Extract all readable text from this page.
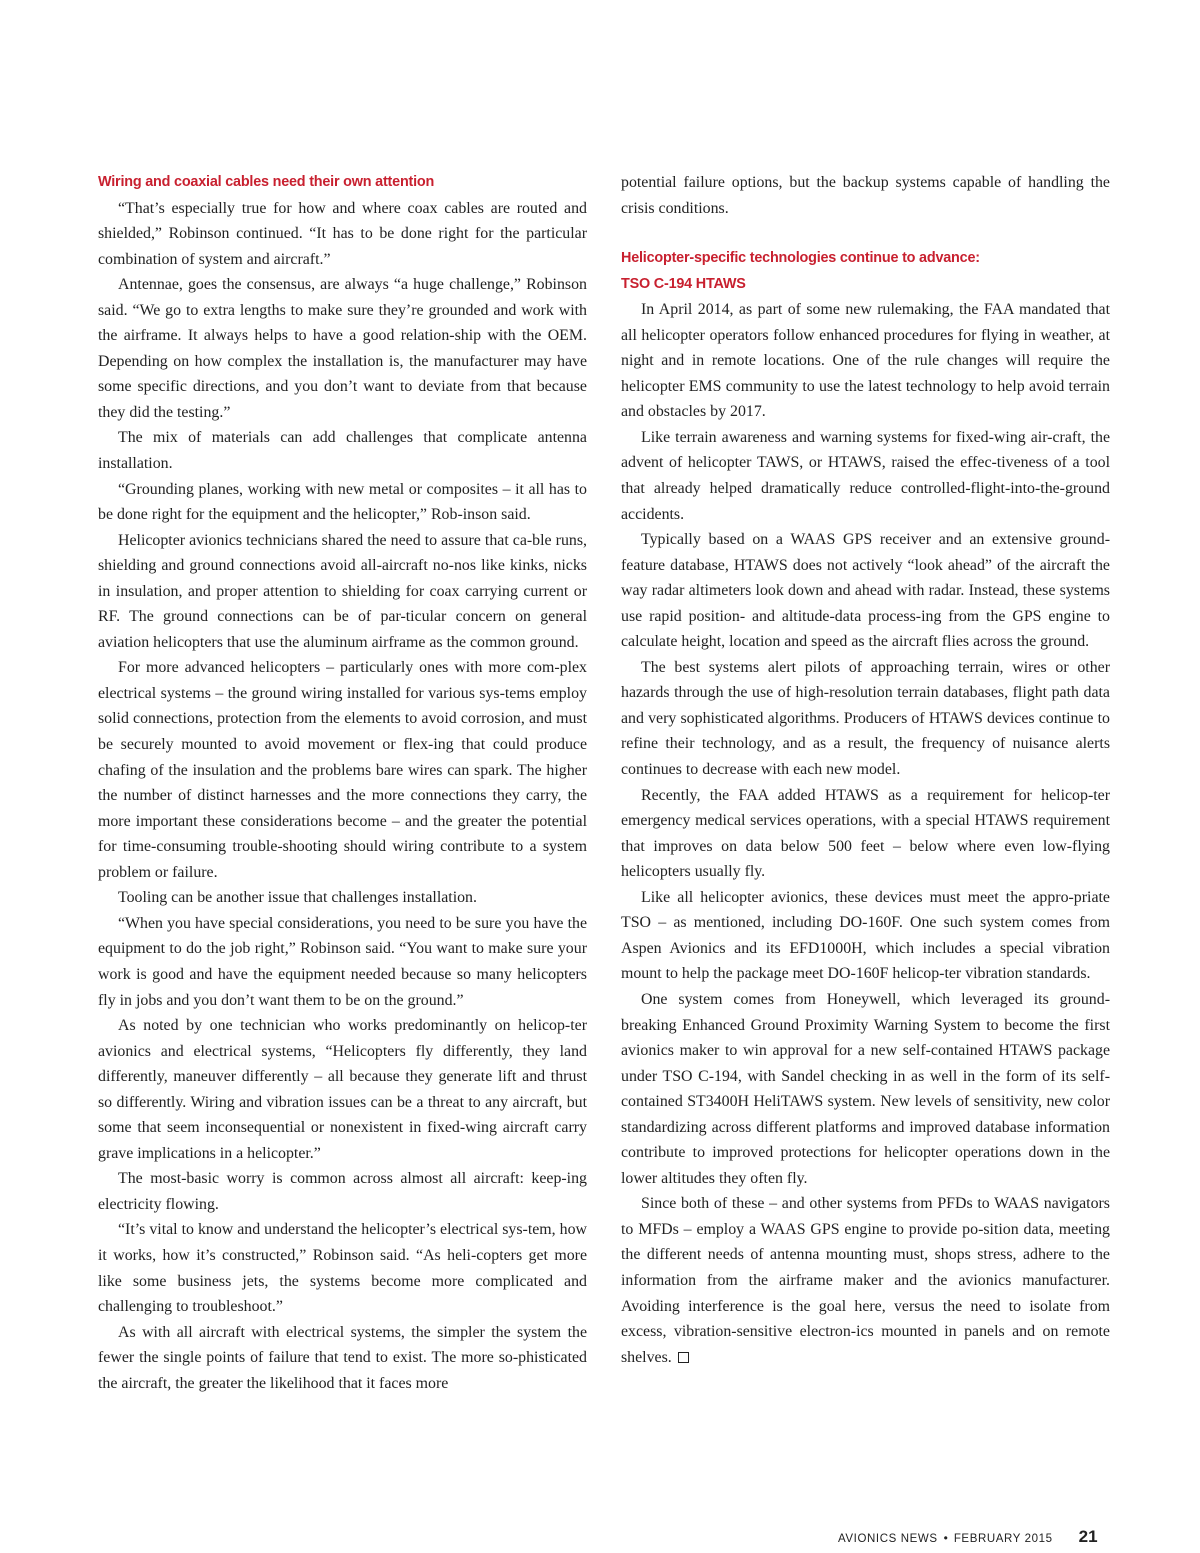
Wiring and coaxial cables need their own attention

“That’s especially true for how and where coax cables are routed and shielded,” Robinson continued. “It has to be done right for the particular combination of system and aircraft.”

Antennae, goes the consensus, are always “a huge challenge,” Robinson said. “We go to extra lengths to make sure they’re grounded and work with the airframe. It always helps to have a good relation-ship with the OEM. Depending on how complex the installation is, the manufacturer may have some specific directions, and you don’t want to deviate from that because they did the testing.”

The mix of materials can add challenges that complicate antenna installation.

“Grounding planes, working with new metal or composites – it all has to be done right for the equipment and the helicopter,” Rob-inson said.

Helicopter avionics technicians shared the need to assure that ca-ble runs, shielding and ground connections avoid all-aircraft no-nos like kinks, nicks in insulation, and proper attention to shielding for coax carrying current or RF. The ground connections can be of par-ticular concern on general aviation helicopters that use the aluminum airframe as the common ground.

For more advanced helicopters – particularly ones with more com-plex electrical systems – the ground wiring installed for various sys-tems employ solid connections, protection from the elements to avoid corrosion, and must be securely mounted to avoid movement or flex-ing that could produce chafing of the insulation and the problems bare wires can spark. The higher the number of distinct harnesses and the more connections they carry, the more important these considerations become – and the greater the potential for time-consuming trouble-shooting should wiring contribute to a system problem or failure.

Tooling can be another issue that challenges installation.

“When you have special considerations, you need to be sure you have the equipment to do the job right,” Robinson said. “You want to make sure your work is good and have the equipment needed because so many helicopters fly in jobs and you don’t want them to be on the ground.”

As noted by one technician who works predominantly on helicop-ter avionics and electrical systems, “Helicopters fly differently, they land differently, maneuver differently – all because they generate lift and thrust so differently. Wiring and vibration issues can be a threat to any aircraft, but some that seem inconsequential or nonexistent in fixed-wing aircraft carry grave implications in a helicopter.”

The most-basic worry is common across almost all aircraft: keep-ing electricity flowing.

“It’s vital to know and understand the helicopter’s electrical sys-tem, how it works, how it’s constructed,” Robinson said. “As heli-copters get more like some business jets, the systems become more complicated and challenging to troubleshoot.”

As with all aircraft with electrical systems, the simpler the system the fewer the single points of failure that tend to exist. The more so-phisticated the aircraft, the greater the likelihood that it faces more

potential failure options, but the backup systems capable of handling the crisis conditions.

Helicopter-specific technologies continue to advance:
TSO C-194 HTAWS

In April 2014, as part of some new rulemaking, the FAA mandated that all helicopter operators follow enhanced procedures for flying in weather, at night and in remote locations. One of the rule changes will require the helicopter EMS community to use the latest technology to help avoid terrain and obstacles by 2017.

Like terrain awareness and warning systems for fixed-wing air-craft, the advent of helicopter TAWS, or HTAWS, raised the effec-tiveness of a tool that already helped dramatically reduce controlled-flight-into-the-ground accidents.

Typically based on a WAAS GPS receiver and an extensive ground-feature database, HTAWS does not actively “look ahead” of the aircraft the way radar altimeters look down and ahead with radar. Instead, these systems use rapid position- and altitude-data process-ing from the GPS engine to calculate height, location and speed as the aircraft flies across the ground.

The best systems alert pilots of approaching terrain, wires or other hazards through the use of high-resolution terrain databases, flight path data and very sophisticated algorithms. Producers of HTAWS devices continue to refine their technology, and as a result, the frequency of nuisance alerts continues to decrease with each new model.

Recently, the FAA added HTAWS as a requirement for helicop-ter emergency medical services operations, with a special HTAWS requirement that improves on data below 500 feet – below where even low-flying helicopters usually fly.

Like all helicopter avionics, these devices must meet the appro-priate TSO – as mentioned, including DO-160F. One such system comes from Aspen Avionics and its EFD1000H, which includes a special vibration mount to help the package meet DO-160F helicop-ter vibration standards.

One system comes from Honeywell, which leveraged its ground-breaking Enhanced Ground Proximity Warning System to become the first avionics maker to win approval for a new self-contained HTAWS package under TSO C-194, with Sandel checking in as well in the form of its self-contained ST3400H HeliTAWS system. New levels of sensitivity, new color standardizing across different platforms and improved database information contribute to improved protections for helicopter operations down in the lower altitudes they often fly.

Since both of these – and other systems from PFDs to WAAS navigators to MFDs – employ a WAAS GPS engine to provide po-sition data, meeting the different needs of antenna mounting must, shops stress, adhere to the information from the airframe maker and the avionics manufacturer. Avoiding interference is the goal here, versus the need to isolate from excess, vibration-sensitive electron-ics mounted in panels and on remote shelves.

AVIONICS NEWS • FEBRUARY 2015 21
